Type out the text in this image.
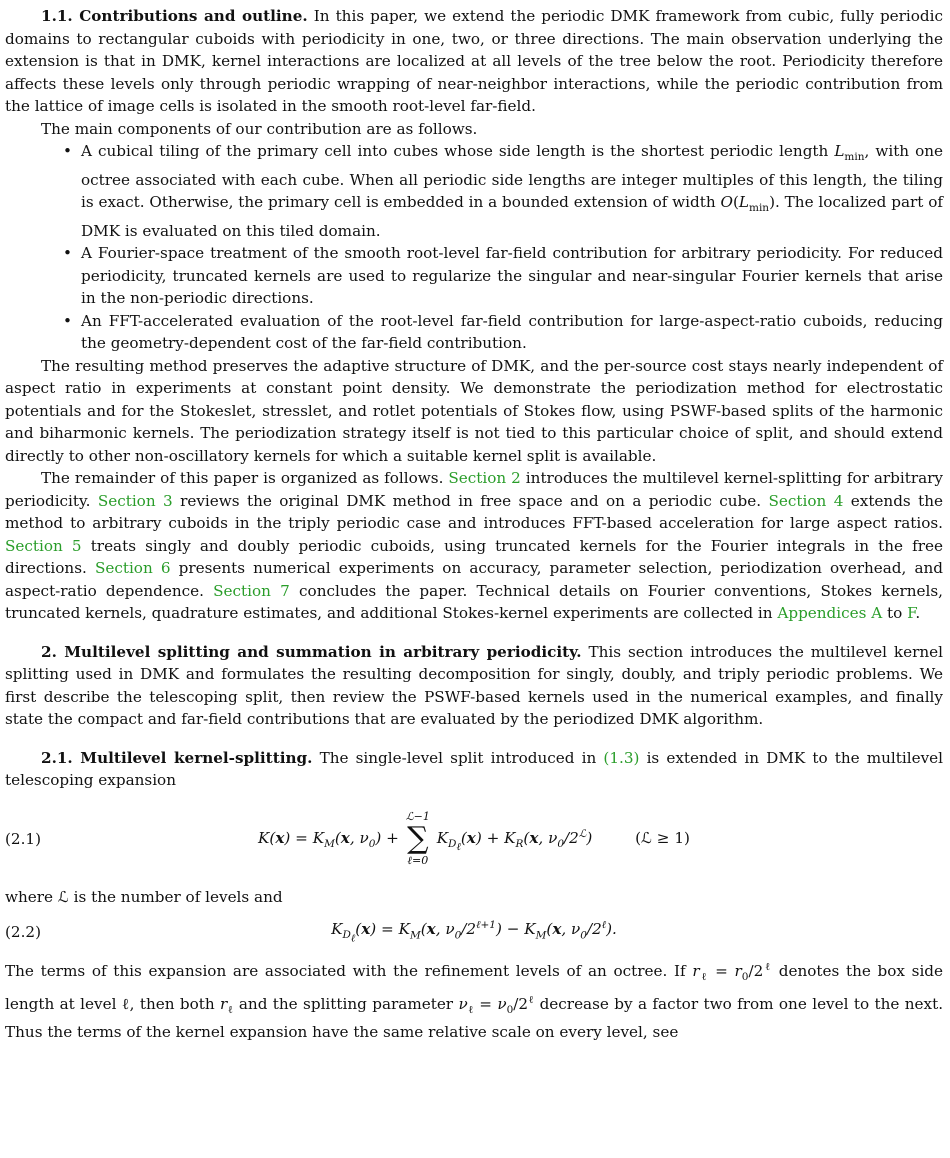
1.1. Contributions and outline. In this paper, we extend the periodic DMK framework from cubic, fully periodic domains to rectangular cuboids with periodicity in one, two, or three directions. The main observation underlying the extension is that in DMK, kernel interactions are localized at all levels of the tree below the root. Periodicity therefore affects these levels only through periodic wrapping of near-neighbor interactions, while the periodic contribution from the lattice of image cells is isolated in the smooth root-level far-field.

The main components of our contribution are as follows.

• A cubical tiling of the primary cell into cubes whose side length is the shortest periodic length $L_{min}$, with one octree associated with each cube. When all periodic side lengths are integer multiples of this length, the tiling is exact. Otherwise, the primary cell is embedded in a bounded extension of width $O(L_{min})$. The localized part of DMK is evaluated on this tiled domain.
• A Fourier-space treatment of the smooth root-level far-field contribution for arbitrary periodicity. For reduced periodicity, truncated kernels are used to regularize the singular and near-singular Fourier kernels that arise in the non-periodic directions.
• An FFT-accelerated evaluation of the root-level far-field contribution for large-aspect-ratio cuboids, reducing the geometry-dependent cost of the far-field contribution.

The resulting method preserves the adaptive structure of DMK, and the per-source cost stays nearly independent of aspect ratio in experiments at constant point density. We demonstrate the periodization method for electrostatic potentials and for the Stokeslet, stresslet, and rotlet potentials of Stokes flow, using PSWF-based splits of the harmonic and biharmonic kernels. The periodization strategy itself is not tied to this particular choice of split, and should extend directly to other non-oscillatory kernels for which a suitable kernel split is available.

The remainder of this paper is organized as follows. Section 2 introduces the multilevel kernel-splitting for arbitrary periodicity. Section 3 reviews the original DMK method in free space and on a periodic cube. Section 4 extends the method to arbitrary cuboids in the triply periodic case and introduces FFT-based acceleration for large aspect ratios. Section 5 treats singly and doubly periodic cuboids, using truncated kernels for the Fourier integrals in the free directions. Section 6 presents numerical experiments on accuracy, parameter selection, periodization overhead, and aspect-ratio dependence. Section 7 concludes the paper. Technical details on Fourier conventions, Stokes kernels, truncated kernels, quadrature estimates, and additional Stokes-kernel experiments are collected in Appendices A to F.

2. Multilevel splitting and summation in arbitrary periodicity. This section introduces the multilevel kernel splitting used in DMK and formulates the resulting decomposition for singly, doubly, and triply periodic problems. We first describe the telescoping split, then review the PSWF-based kernels used in the numerical examples, and finally state the compact and far-field contributions that are evaluated by the periodized DMK algorithm.

2.1. Multilevel kernel-splitting. The single-level split introduced in (1.3) is extended in DMK to the multilevel telescoping expansion

(2.1)	$K(x) = K_M(x$, $\nu_0$) +
ℒ−1
∑
ℓ=0
$K_{D_\ell}(x) + K_R(x$, $\nu_0/2^ℒ$)	(ℒ ≥ 1)

where ℒ is the number of levels and

(2.2)	$K_{D_\ell}(x) = K_M(x$, $\nu_0/2^{\ell+1}) - K_M(x$, $\nu_0/2^\ell$).

The terms of this expansion are associated with the refinement levels of an octree. If $r_\ell = r_0/2^\ell$ denotes the box side length at level ℓ, then both $r_\ell$ and the splitting parameter $\nu_\ell = \nu_0/2^\ell$ decrease by a factor two from one level to the next. Thus the terms of the kernel expansion have the same relative scale on every level, see
